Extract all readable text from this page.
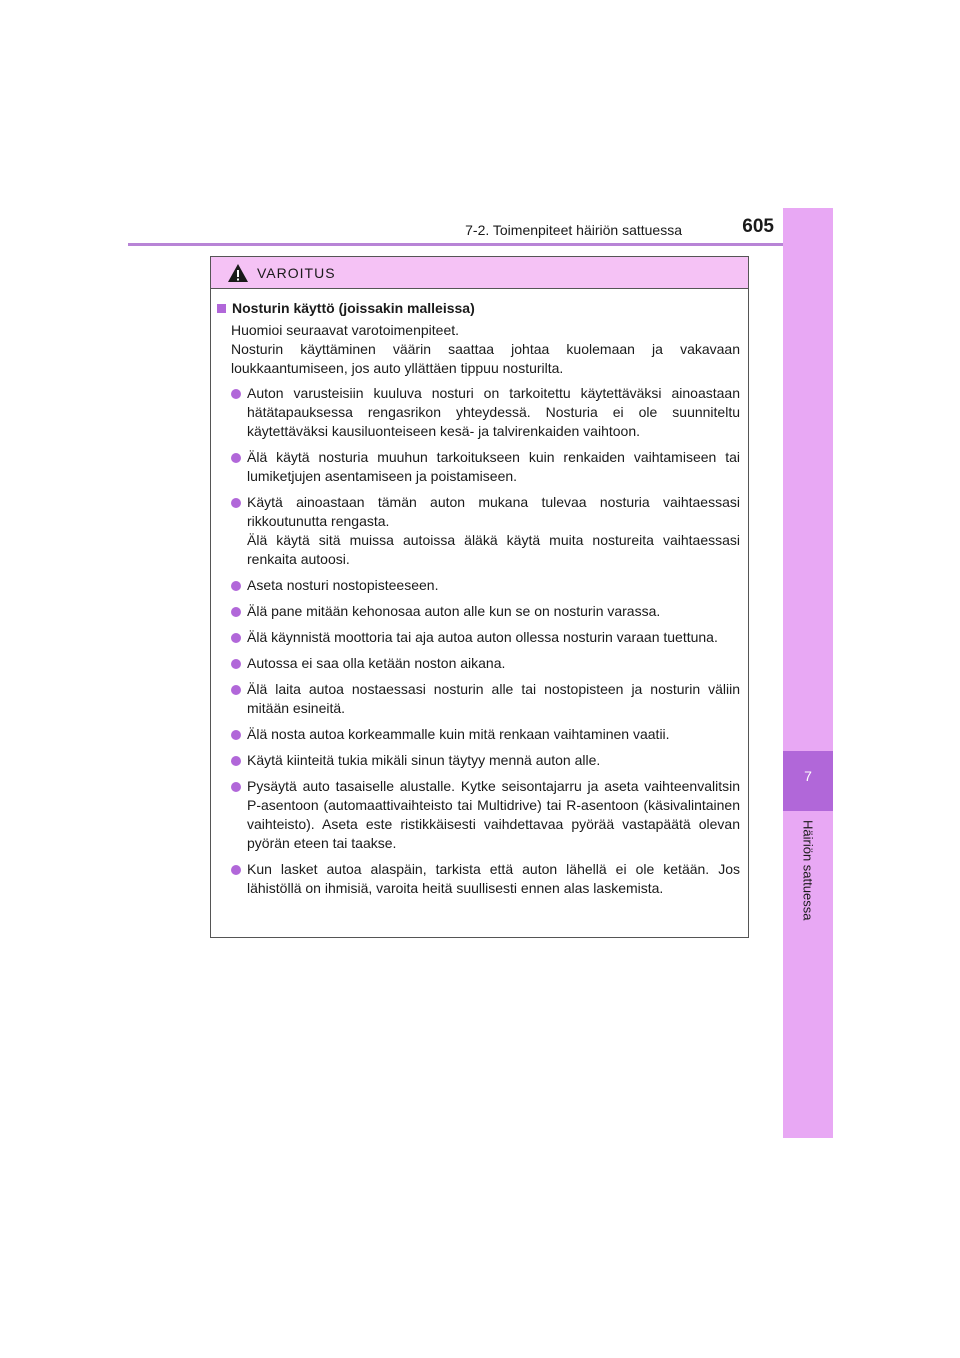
7-2. Toimenpiteet häiriön sattuessa	605
7
Häiriön sattuessa
VAROITUS
Nosturin käyttö (joissakin malleissa)
Huomioi seuraavat varotoimenpiteet.
Nosturin käyttäminen väärin saattaa johtaa kuolemaan ja vakavaan loukkaantumiseen, jos auto yllättäen tippuu nosturilta.
Auton varusteisiin kuuluva nosturi on tarkoitettu käytettäväksi ainoastaan hätätapauksessa rengasrikon yhteydessä. Nosturia ei ole suunniteltu käytettäväksi kausiluonteiseen kesä- ja talvirenkaiden vaihtoon.
Älä käytä nosturia muuhun tarkoitukseen kuin renkaiden vaihtamiseen tai lumiketjujen asentamiseen ja poistamiseen.
Käytä ainoastaan tämän auton mukana tulevaa nosturia vaihtaessasi rikkoutunutta rengasta.
Älä käytä sitä muissa autoissa äläkä käytä muita nostureita vaihtaessasi renkaita autoosi.
Aseta nosturi nostopisteeseen.
Älä pane mitään kehonosaa auton alle kun se on nosturin varassa.
Älä käynnistä moottoria tai aja autoa auton ollessa nosturin varaan tuettuna.
Autossa ei saa olla ketään noston aikana.
Älä laita autoa nostaessasi nosturin alle tai nostopisteen ja nosturin väliin mitään esineitä.
Älä nosta autoa korkeammalle kuin mitä renkaan vaihtaminen vaatii.
Käytä kiinteitä tukia mikäli sinun täytyy mennä auton alle.
Pysäytä auto tasaiselle alustalle. Kytke seisontajarru ja aseta vaihteenvalitsin P-asentoon (automaattivaihteisto tai Multidrive) tai R-asentoon (käsivalintainen vaihteisto). Aseta este ristikkäisesti vaihdettavaa pyörää vastapäätä olevan pyörän eteen tai taakse.
Kun lasket autoa alaspäin, tarkista että auton lähellä ei ole ketään. Jos lähistöllä on ihmisiä, varoita heitä suullisesti ennen alas laskemista.
